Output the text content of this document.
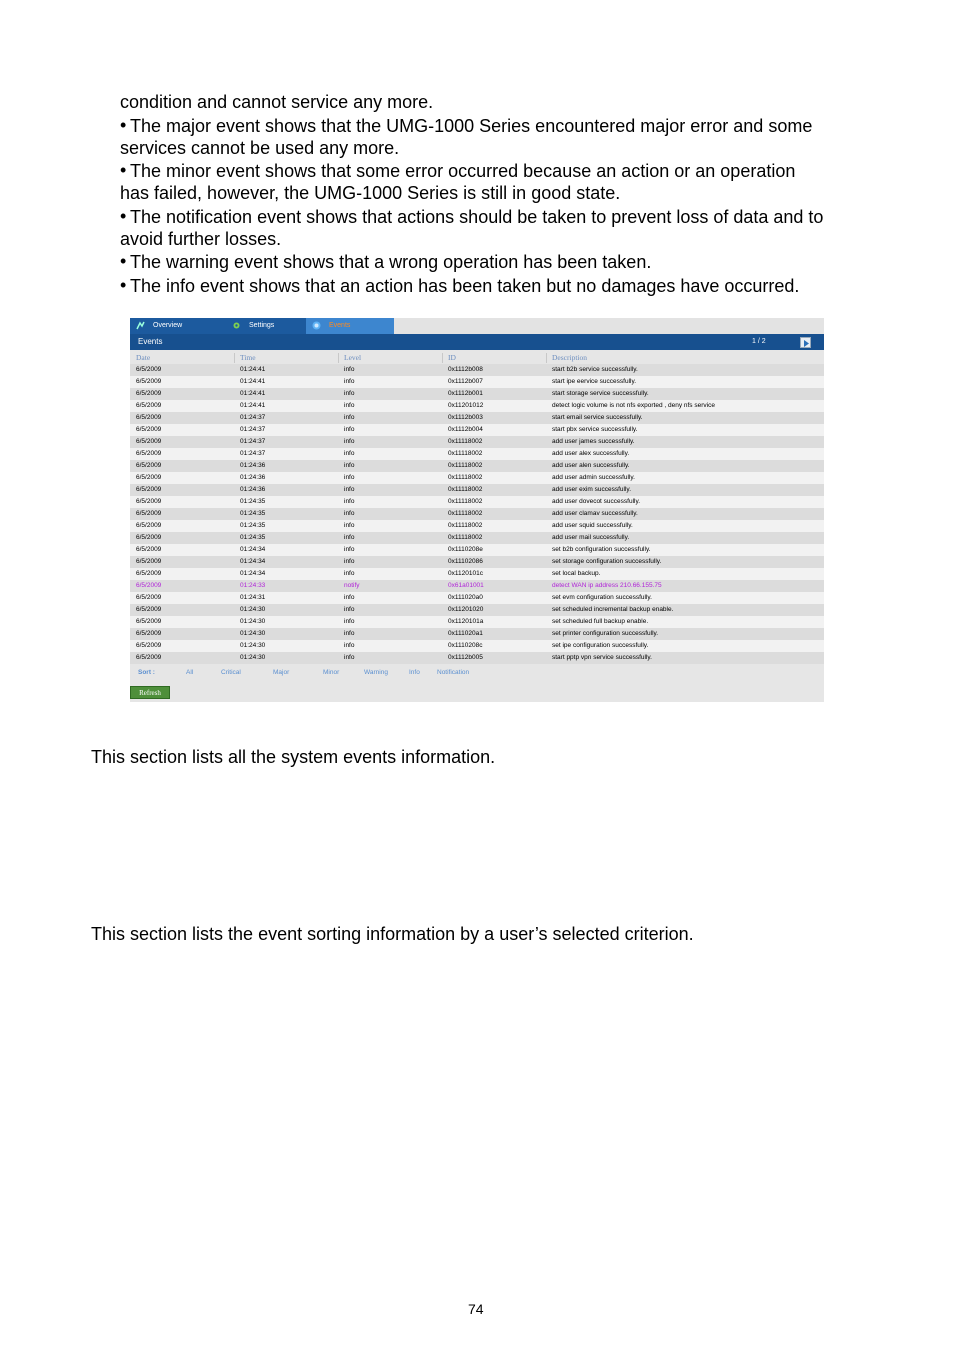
condition and cannot service any more.
• The major event shows that the UMG-1000 Series encountered major error and some
services cannot be used any more.
• The minor event shows that some error occurred because an action or an operation
has failed, however, the UMG-1000 Series is still in good state.
• The notification event shows that actions should be taken to prevent loss of data and to
avoid further losses.
• The warning event shows that a wrong operation has been taken.
• The info event shows that an action has been taken but no damages have occurred.
Overview	Settings	Events
Events	1 / 2
Date	Time	Level	ID	Description
6/5/2009	01:24:41	info	0x1112b008	start b2b service successfully.
6/5/2009	01:24:41	info	0x1112b007	start ipe eervice successfully.
6/5/2009	01:24:41	info	0x1112b001	start storage service successfully.
6/5/2009	01:24:41	info	0x11201012	detect logic volume is not nfs exported , deny nfs service
6/5/2009	01:24:37	info	0x1112b003	start email service successfully.
6/5/2009	01:24:37	info	0x1112b004	start pbx service successfully.
6/5/2009	01:24:37	info	0x11118002	add user james successfully.
6/5/2009	01:24:37	info	0x11118002	add user alex successfully.
6/5/2009	01:24:36	info	0x11118002	add user alen successfully.
6/5/2009	01:24:36	info	0x11118002	add user admin successfully.
6/5/2009	01:24:36	info	0x11118002	add user exim successfully.
6/5/2009	01:24:35	info	0x11118002	add user dovecot successfully.
6/5/2009	01:24:35	info	0x11118002	add user clamav successfully.
6/5/2009	01:24:35	info	0x11118002	add user squid successfully.
6/5/2009	01:24:35	info	0x11118002	add user mail successfully.
6/5/2009	01:24:34	info	0x1110208e	set b2b configuration successfully.
6/5/2009	01:24:34	info	0x11102086	set storage configuration successfully.
6/5/2009	01:24:34	info	0x1120101c	set local backup.
6/5/2009	01:24:33	notify	0x61a01001	detect WAN ip address 210.66.155.75
6/5/2009	01:24:31	info	0x111020a0	set evm configuration successfully.
6/5/2009	01:24:30	info	0x11201020	set scheduled incremental backup enable.
6/5/2009	01:24:30	info	0x1120101a	set scheduled full backup enable.
6/5/2009	01:24:30	info	0x111020a1	set printer configuration successfully.
6/5/2009	01:24:30	info	0x1110208c	set ipe configuration successfully.
6/5/2009	01:24:30	info	0x1112b005	start pptp vpn service successfully.
Sort :	All	Critical	Major	Minor	Warning	Info	Notification
Refresh
This section lists all the system events information.
This section lists the event sorting information by a user’s selected criterion.
74
